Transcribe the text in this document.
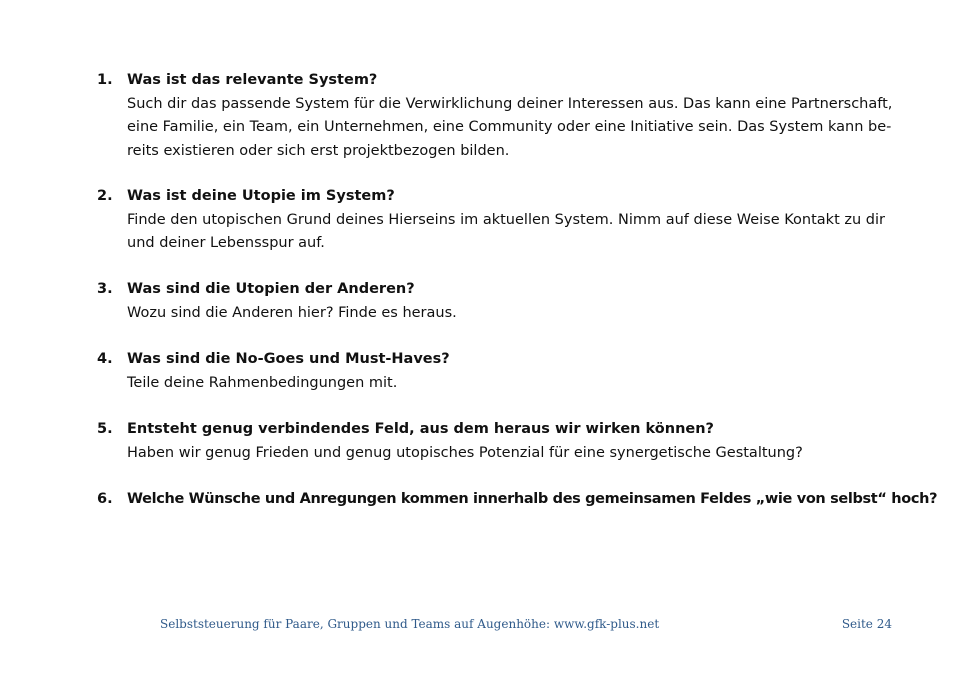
1. Was ist das relevante System?
Such dir das passende System für die Verwirklichung deiner Interessen aus. Das kann eine Partnerschaft,
eine Familie, ein Team, ein Unternehmen, eine Community oder eine Initiative sein. Das System kann be-
reits existieren oder sich erst projektbezogen bilden.
2. Was ist deine Utopie im System?
Finde den utopischen Grund deines Hierseins im aktuellen System. Nimm auf diese Weise Kontakt zu dir
und deiner Lebensspur auf.
3. Was sind die Utopien der Anderen?
Wozu sind die Anderen hier? Finde es heraus.
4. Was sind die No-Goes und Must-Haves?
Teile deine Rahmenbedingungen mit.
5. Entsteht genug verbindendes Feld, aus dem heraus wir wirken können?
Haben wir genug Frieden und genug utopisches Potenzial für eine synergetische Gestaltung?
6. Welche Wünsche und Anregungen kommen innerhalb des gemeinsamen Feldes „wie von selbst“ hoch?
Selbststeuerung für Paare, Gruppen und Teams auf Augenhöhe: www.gfk-plus.net	Seite 24
